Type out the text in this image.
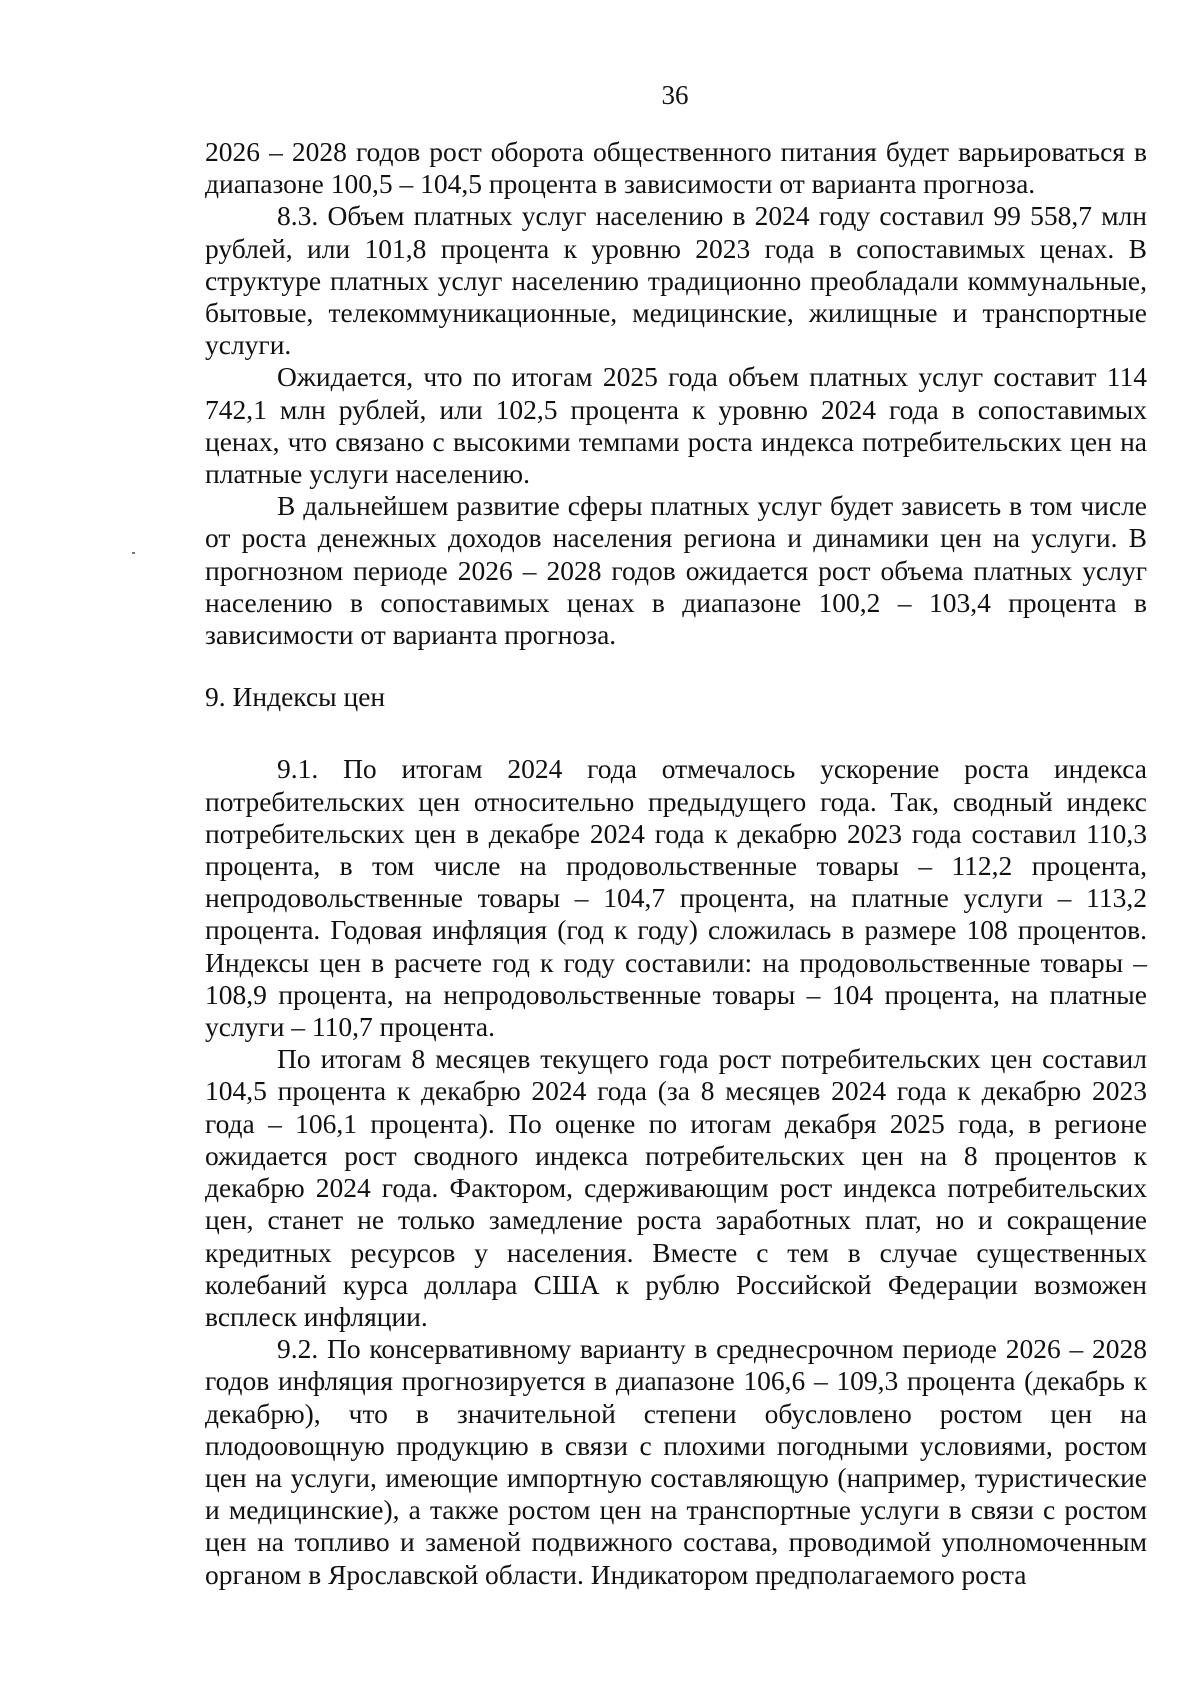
36

2026 – 2028 годов рост оборота общественного питания будет варьироваться в диапазоне 100,5 – 104,5 процента в зависимости от варианта прогноза.

8.3. Объем платных услуг населению в 2024 году составил 99 558,7 млн рублей, или 101,8 процента к уровню 2023 года в сопоставимых ценах. В структуре платных услуг населению традиционно преобладали коммунальные, бытовые, телекоммуникационные, медицинские, жилищные и транспортные услуги.

Ожидается, что по итогам 2025 года объем платных услуг составит 114 742,1 млн рублей, или 102,5 процента к уровню 2024 года в сопоставимых ценах, что связано с высокими темпами роста индекса потребительских цен на платные услуги населению.

В дальнейшем развитие сферы платных услуг будет зависеть в том числе от роста денежных доходов населения региона и динамики цен на услуги. В прогнозном периоде 2026 – 2028 годов ожидается рост объема платных услуг населению в сопоставимых ценах в диапазоне 100,2 – 103,4 процента в зависимости от варианта прогноза.

9. Индексы цен

9.1. По итогам 2024 года отмечалось ускорение роста индекса потребительских цен относительно предыдущего года. Так, сводный индекс потребительских цен в декабре 2024 года к декабрю 2023 года составил 110,3 процента, в том числе на продовольственные товары – 112,2 процента, непродовольственные товары – 104,7 процента, на платные услуги – 113,2 процента. Годовая инфляция (год к году) сложилась в размере 108 процентов. Индексы цен в расчете год к году составили: на продовольственные товары – 108,9 процента, на непродовольственные товары – 104 процента, на платные услуги – 110,7 процента.

По итогам 8 месяцев текущего года рост потребительских цен составил 104,5 процента к декабрю 2024 года (за 8 месяцев 2024 года к декабрю 2023 года – 106,1 процента). По оценке по итогам декабря 2025 года, в регионе ожидается рост сводного индекса потребительских цен на 8 процентов к декабрю 2024 года. Фактором, сдерживающим рост индекса потребительских цен, станет не только замедление роста заработных плат, но и сокращение кредитных ресурсов у населения. Вместе с тем в случае существенных колебаний курса доллара США к рублю Российской Федерации возможен всплеск инфляции.

9.2. По консервативному варианту в среднесрочном периоде 2026 – 2028 годов инфляция прогнозируется в диапазоне 106,6 – 109,3 процента (декабрь к декабрю), что в значительной степени обусловлено ростом цен на плодоовощную продукцию в связи с плохими погодными условиями, ростом цен на услуги, имеющие импортную составляющую (например, туристические и медицинские), а также ростом цен на транспортные услуги в связи с ростом цен на топливо и заменой подвижного состава, проводимой уполномоченным органом в Ярославской области. Индикатором предполагаемого роста
